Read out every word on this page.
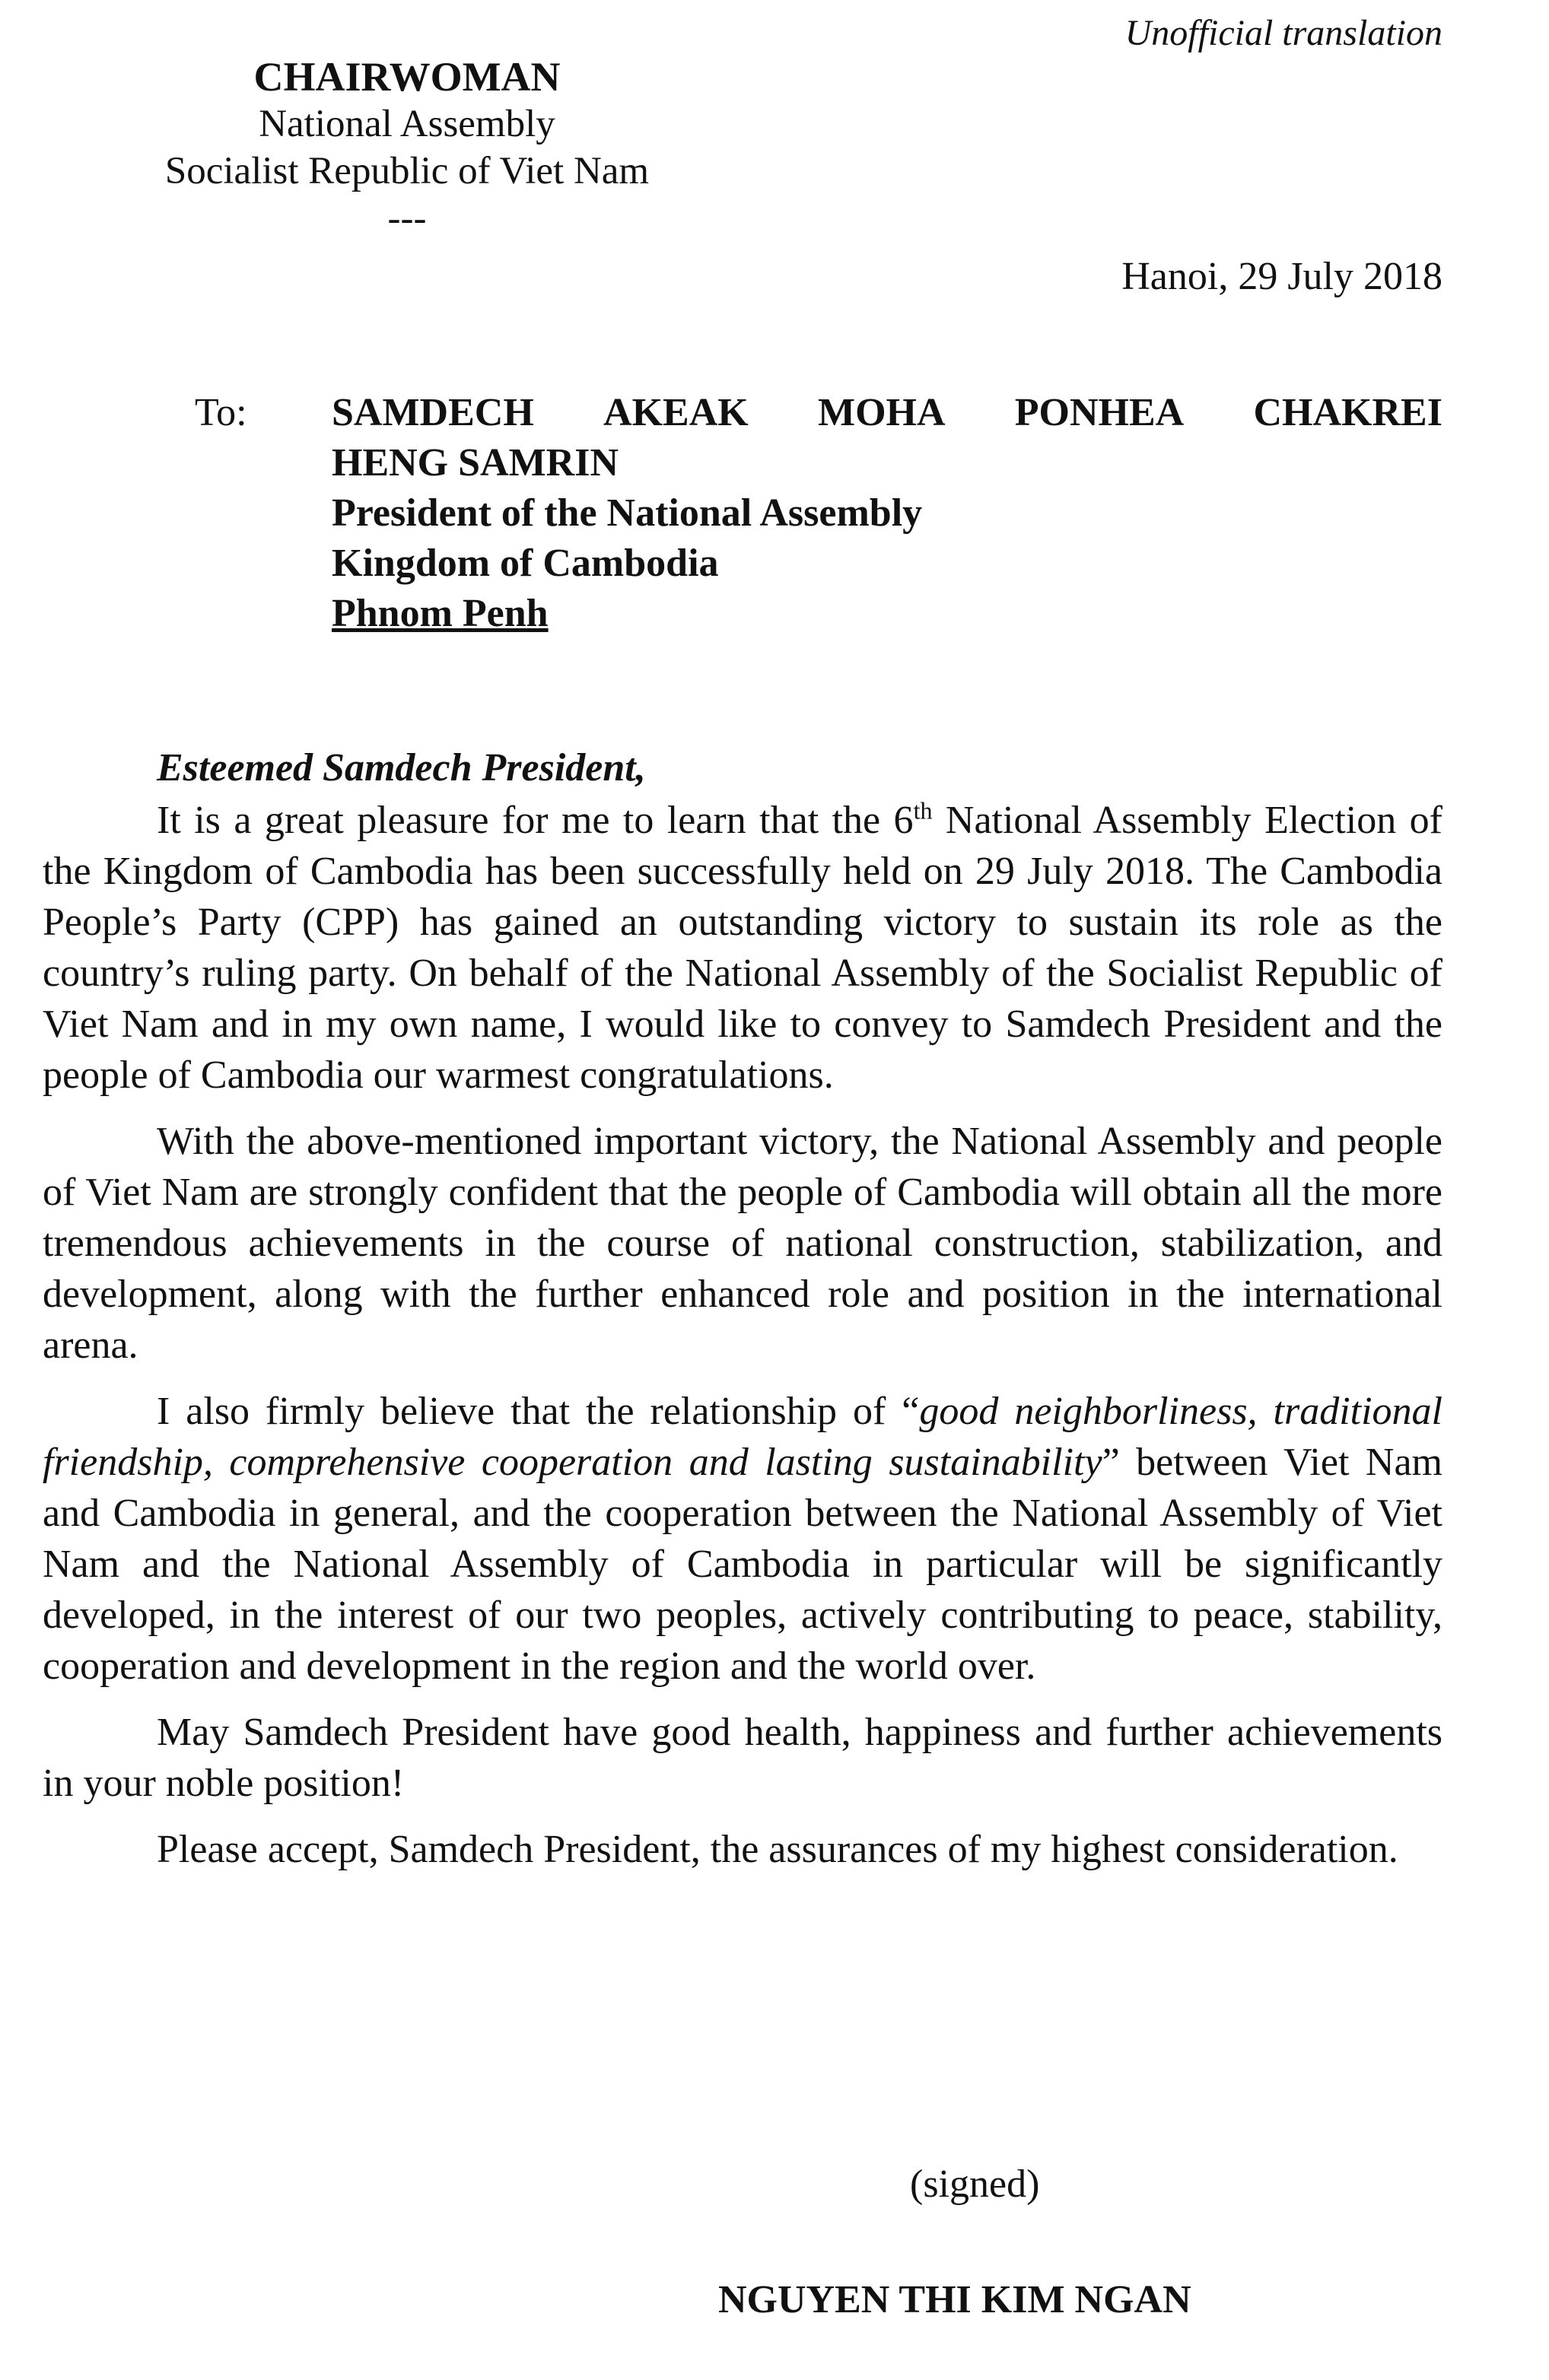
Unofficial translation
CHAIRWOMAN
National Assembly
Socialist Republic of Viet Nam
---
Hanoi, 29 July 2018
To: SAMDECH AKEAK MOHA PONHEA CHAKREI
HENG SAMRIN
President of the National Assembly
Kingdom of Cambodia
Phnom Penh

Esteemed Samdech President,

It is a great pleasure for me to learn that the 6th National Assembly Election of the Kingdom of Cambodia has been successfully held on 29 July 2018. The Cambodia People’s Party (CPP) has gained an outstanding victory to sustain its role as the country’s ruling party. On behalf of the National Assembly of the Socialist Republic of Viet Nam and in my own name, I would like to convey to Samdech President and the people of Cambodia our warmest congratulations.

With the above-mentioned important victory, the National Assembly and people of Viet Nam are strongly confident that the people of Cambodia will obtain all the more tremendous achievements in the course of national construction, stabilization, and development, along with the further enhanced role and position in the international arena.

I also firmly believe that the relationship of “good neighborliness, traditional friendship, comprehensive cooperation and lasting sustainability” between Viet Nam and Cambodia in general, and the cooperation between the National Assembly of Viet Nam and the National Assembly of Cambodia in particular will be significantly developed, in the interest of our two peoples, actively contributing to peace, stability, cooperation and development in the region and the world over.

May Samdech President have good health, happiness and further achievements in your noble position!

Please accept, Samdech President, the assurances of my highest consideration.

(signed)
NGUYEN THI KIM NGAN
